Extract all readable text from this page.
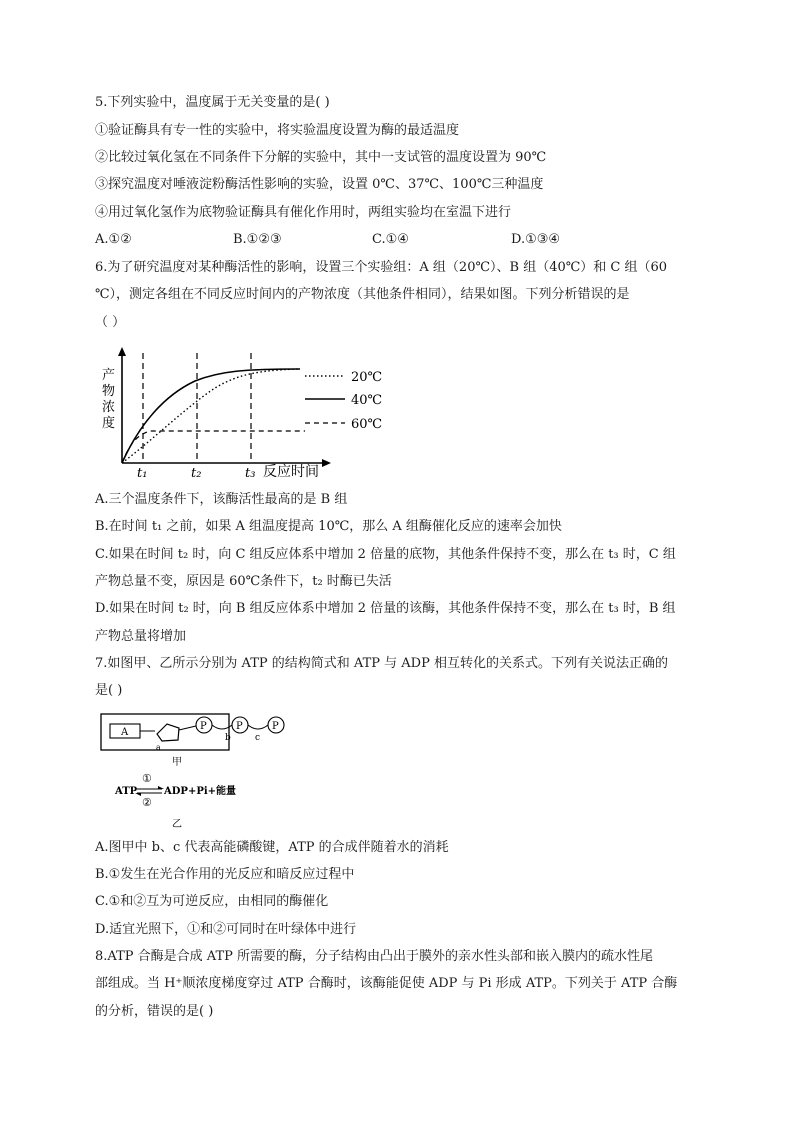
5.下列实验中，温度属于无关变量的是( )
①验证酶具有专一性的实验中，将实验温度设置为酶的最适温度
②比较过氧化氢在不同条件下分解的实验中，其中一支试管的温度设置为 90℃
③探究温度对唾液淀粉酶活性影响的实验，设置 0℃、37℃、100℃三种温度
④用过氧化氢作为底物验证酶具有催化作用时，两组实验均在室温下进行
A.①②	B.①②③	C.①④	D.①③④
6.为了研究温度对某种酶活性的影响，设置三个实验组：A 组（20℃）、B 组（40℃）和 C 组（60
℃），测定各组在不同反应时间内的产物浓度（其他条件相同），结果如图。下列分析错误的是
（ ）
产
物
浓
度
t₁	t₂	t₃ 反应时间
20℃
40℃
60℃
A.三个温度条件下，该酶活性最高的是 B 组
B.在时间 t₁ 之前，如果 A 组温度提高 10℃，那么 A 组酶催化反应的速率会加快
C.如果在时间 t₂ 时，向 C 组反应体系中增加 2 倍量的底物，其他条件保持不变，那么在 t₃ 时，C 组
产物总量不变，原因是 60℃条件下，t₂ 时酶已失活
D.如果在时间 t₂ 时，向 B 组反应体系中增加 2 倍量的该酶，其他条件保持不变，那么在 t₃ 时，B 组
产物总量将增加
7.如图甲、乙所示分别为 ATP 的结构简式和 ATP 与 ADP 相互转化的关系式。下列有关说法正确的
是( )
A
a
P
b
P
c
P
甲
①
ATP	ADP+Pi+能量
②
乙
A.图甲中 b、c 代表高能磷酸键，ATP 的合成伴随着水的消耗
B.①发生在光合作用的光反应和暗反应过程中
C.①和②互为可逆反应，由相同的酶催化
D.适宜光照下，①和②可同时在叶绿体中进行
8.ATP 合酶是合成 ATP 所需要的酶，分子结构由凸出于膜外的亲水性头部和嵌入膜内的疏水性尾
部组成。当 H⁺顺浓度梯度穿过 ATP 合酶时，该酶能促使 ADP 与 Pi 形成 ATP。下列关于 ATP 合酶
的分析，错误的是( )
